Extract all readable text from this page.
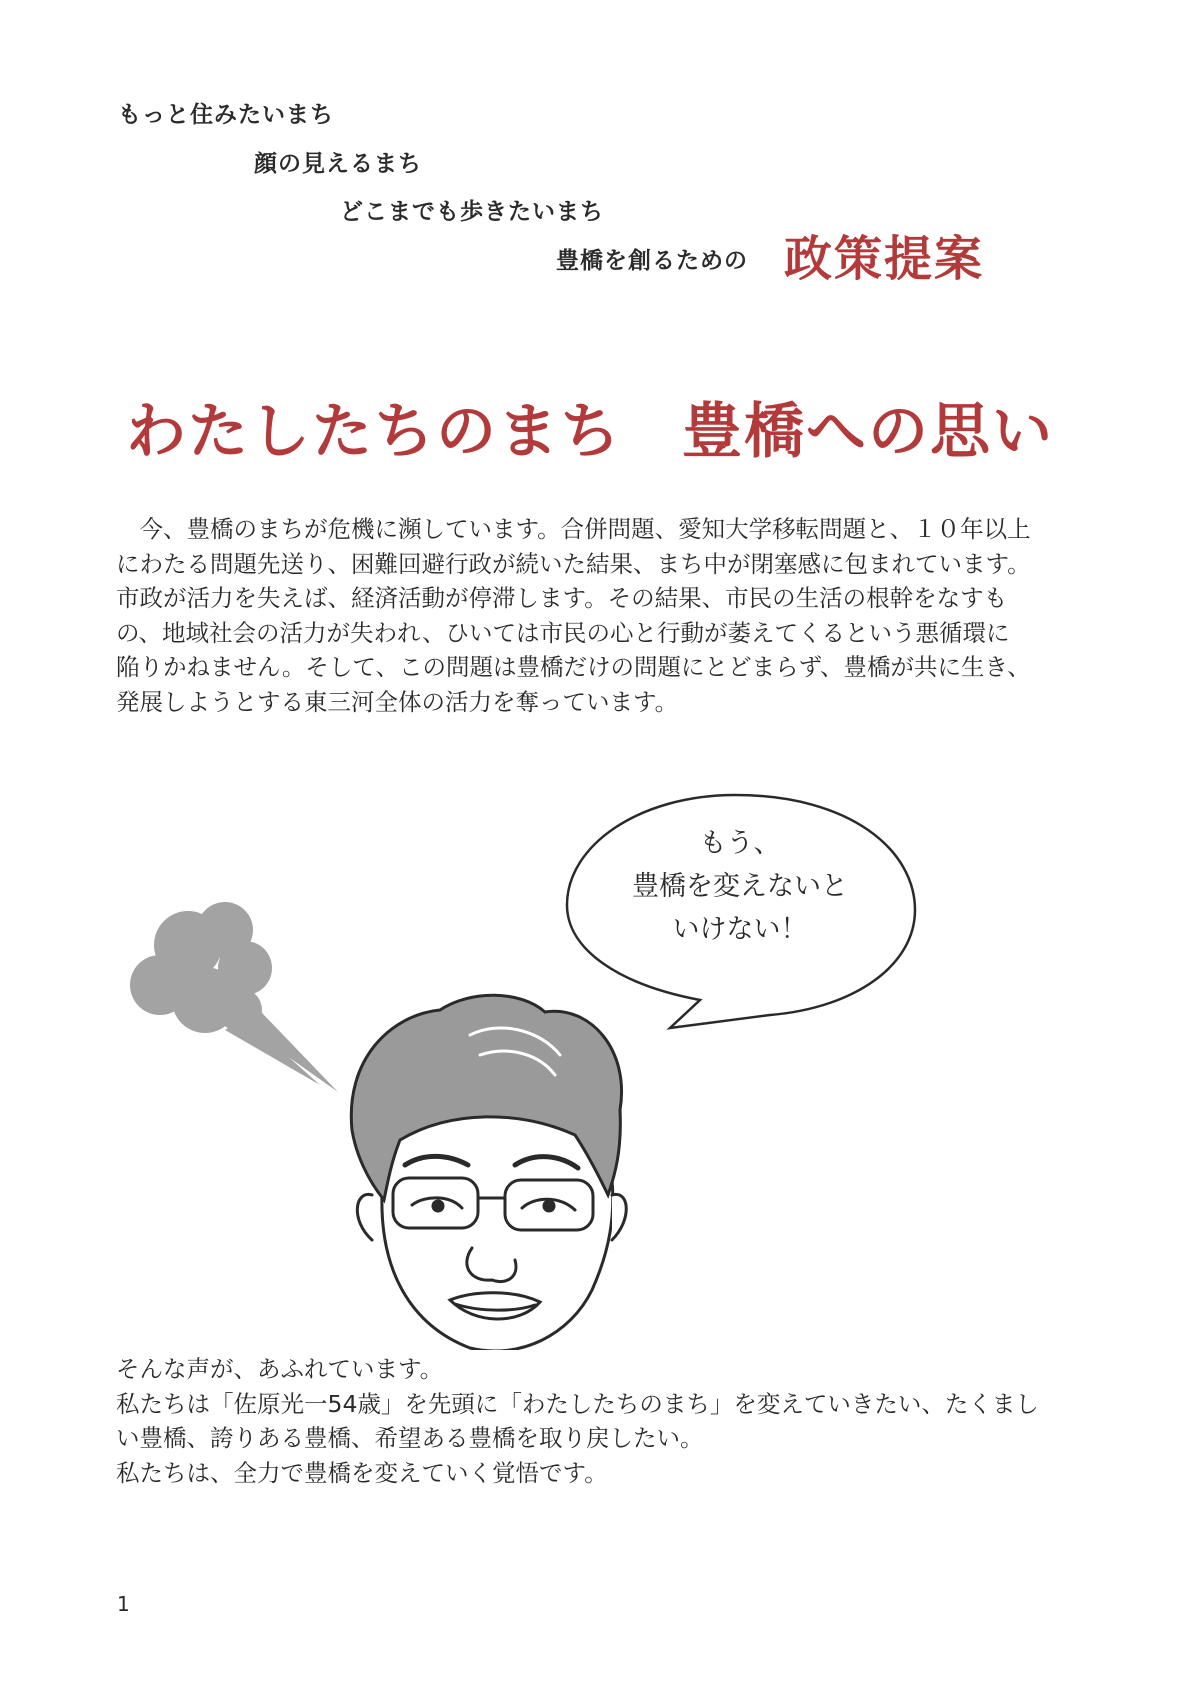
もっと住みたいまち
顔の見えるまち
どこまでも歩きたいまち
豊橋を創るための 政策提案
わたしたちのまち 豊橋への思い

　今、豊橋のまちが危機に瀕しています。合併問題、愛知大学移転問題と、１０年以上

にわたる問題先送り、困難回避行政が続いた結果、まち中が閉塞感に包まれています。

市政が活力を失えば、経済活動が停滞します。その結果、市民の生活の根幹をなすも

の、地域社会の活力が失われ、ひいては市民の心と行動が萎えてくるという悪循環に

陥りかねません。そして、この問題は豊橋だけの問題にとどまらず、豊橋が共に生き、

発展しようとする東三河全体の活力を奪っています。

もう、
豊橋を変えないと
いけない！

そんな声が、あふれています。

私たちは「佐原光一54歳」を先頭に「わたしたちのまち」を変えていきたい、たくまし

い豊橋、誇りある豊橋、希望ある豊橋を取り戻したい。

私たちは、全力で豊橋を変えていく覚悟です。

1
